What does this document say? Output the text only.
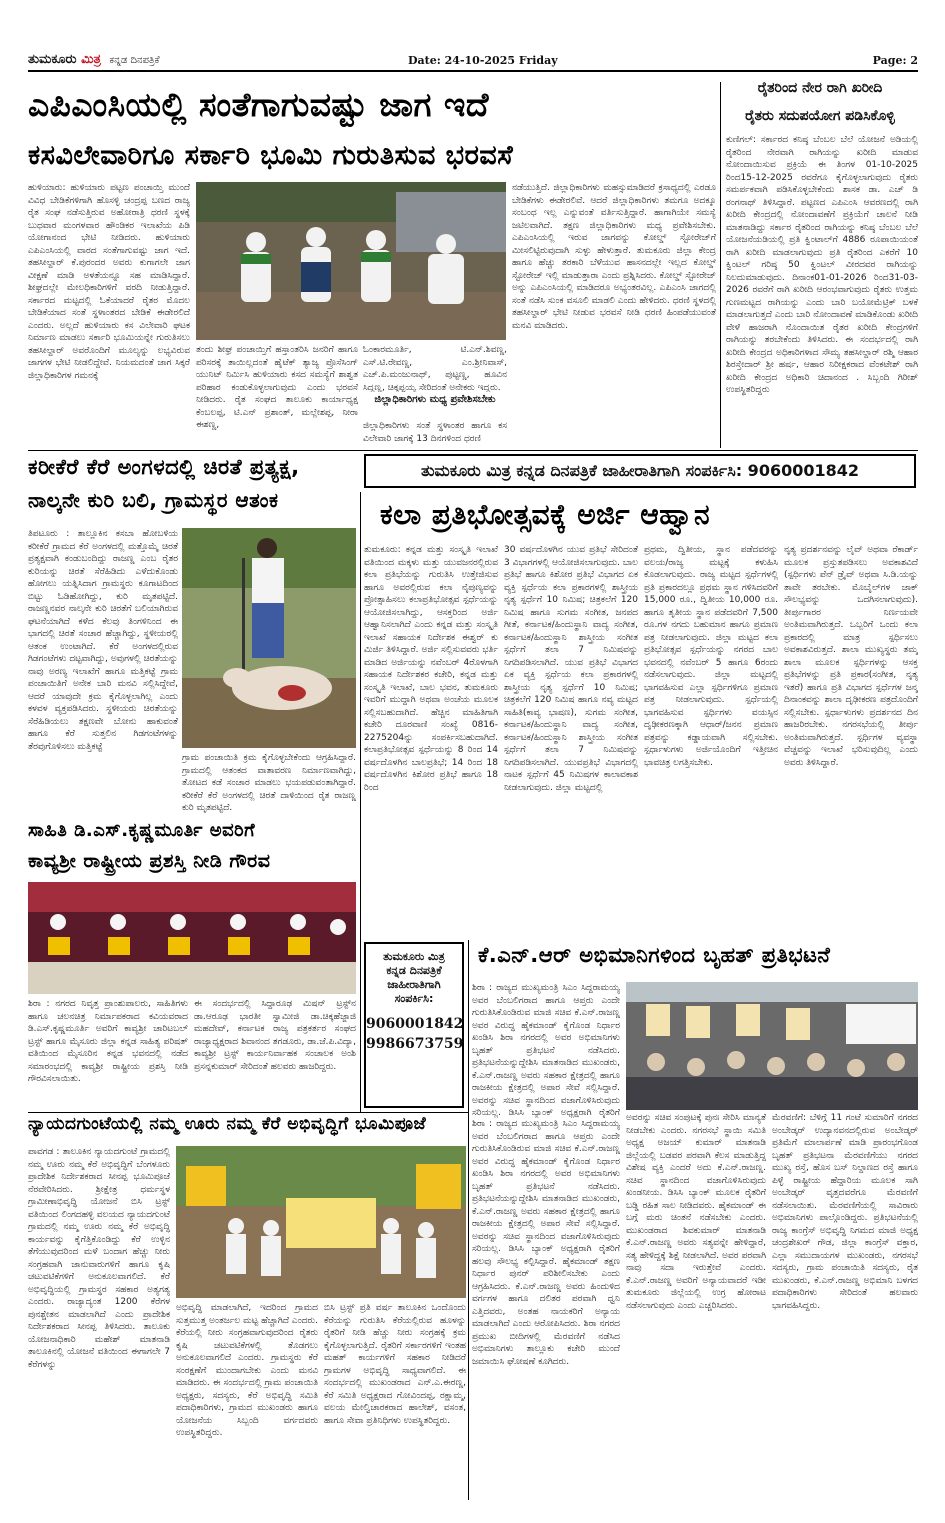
ತುಮಕೂರು ಮಿತ್ರ ಕನ್ನಡ ದಿನಪತ್ರಿಕೆ	Date: 24-10-2025 Friday	Page: 2
ಎಪಿಎಂಸಿಯಲ್ಲಿ ಸಂತೆಗಾಗುವಷ್ಟು ಜಾಗ ಇದೆ
ಕಸವಿಲೇವಾರಿಗೂ ಸರ್ಕಾರಿ ಭೂಮಿ ಗುರುತಿಸುವ ಭರವಸೆ
ಹುಳಿಯಾರು: ಹುಳಿಯಾರು ಪಟ್ಟಣ ಪಂಚಾಯ್ತಿ ಮುಂದೆ ವಿವಿಧ ಬೇಡಿಕೆಗಳಿಗಾಗಿ ಹೊಸಳ್ಳಿ ಚಂದ್ರಪ್ಪ ಬಣದ ರಾಜ್ಯ ರೈತ ಸಂಘ ನಡೆಸುತ್ತಿರುವ ಅಹೋರಾತ್ರಿ ಧರಣಿ ಸ್ಥಳಕ್ಕೆ ಬುಧವಾರ ಮಂಗಳವಾರ ಹೌಂಡಿಕರ ಇಲಾಖೆಯ ಪಿಡಿ ಯೋಗಾನಂದ ಭೇಟಿ ನೀಡಿದರು. ಹುಳಿಯಾರು ಎಪಿಎಂಸಿಯಲ್ಲಿ ವಾರದ ಸಂತೆಗಾಗುವಷ್ಟು ಜಾಗ ಇದೆ. ತಹಸೀಲ್ದಾರ್ ಕೆ.ಪುರಂದರ ಅವರು ಕುಗಾಗಲೇ ಜಾಗ ವೀಕ್ಷಣೆ ಮಾಡಿ ಅಳತೆಯನ್ನೂ ಸಹ ಮಾಡಿಸಿದ್ದಾರೆ. ಶೀಘ್ರದಲ್ಲೇ ಮೇಲಧಿಕಾರಿಗಳಿಗೆ ವರದಿ ನೀಡುತ್ತಿದ್ದಾರೆ. ಸರ್ಕಾರದ ಮಟ್ಟದಲ್ಲಿ ಓಕೆಯಾದರೆ ರೈತರ ಮೊದಲ ಬೇಡಿಕೆಯಾದ ಸಂತೆ ಸ್ಥಳಾಂತರದ ಬೇಡಿಕೆ ಈಡೇರಲಿದೆ ಎಂದರು. ಅಲ್ಲದೆ ಹುಳಿಯಾರು ಕಸ ವಿಲೇವಾರಿ ಘಟಕ ನಿರ್ಮಾಣ ಮಾಡಲು ಸರ್ಕಾರಿ ಭೂಮಿಯನ್ನೇ ಗುರುತಿಸಲು ತಹಸೀಲ್ದಾರ್ ಅವರೊಂದಿಗೆ ಮೂಲ್ಯನ್ನು ಲಭ್ಯವಿರುವ ಜಾಗಗಳ ಭೇಟಿ ನೀಡಲಿದ್ದೇವೆ. ನಿಯಮದಂತೆ ಜಾಗ ಸಿಕ್ಕರೆ ಜಿಲ್ಲಾಧಿಕಾರಿಗಳ ಗಮನಕ್ಕೆ
ತಂದು ಶೀಘ್ರ ಪಂಚಾಯ್ತಿಗೆ ಹಸ್ತಾಂತರಿಸಿ ಜನರಿಗೆ ಹಾಗೂ ಪರಿಸರಕ್ಕೆ ತಾಯಿಲ್ಲದಂತೆ ಹೈಟೆಕ್ ತ್ಯಾಜ್ಯ ಪ್ರೊಸೆಸಿಂಗ್ ಯುನಿಟ್ ನಿರ್ಮಿಸಿ ಹುಳಿಯಾರು ಕಸದ ಸಮಸ್ಯೆಗೆ ಶಾಶ್ವತ ಪರಿಹಾರ ಕಂಡುಕೊಳ್ಳಲಾಗುವುದು ಎಂದು ಭರವಸೆ ನೀಡಿದರು. ರೈತ ಸಂಘದ ತಾಲೂಕು ಕಾರ್ಯಾಧ್ಯಕ್ಷ ಕೆಂಬಲಪ್ಪ, ಟಿ.ಎನ್ ಪ್ರಶಾಂತ್, ಮಲ್ಲೇಶಪ್ಪ, ನೀರಾ ಈಶಣ್ಣ,
ಓಂಕಾರಮೂರ್ತಿ, ಟಿ.ಎನ್.ಶಿವಣ್ಣ, ಎಸ್.ಟಿ.ರೇವಣ್ಣ, ಎಂ.ಶ್ರೀನಿವಾಸ್, ಎಚ್.ಪಿ.ಮಂಜುನಾಥ್, ಪುಟ್ಟಣ್ಣ, ಹೂವಿನ ಸಿದ್ದಣ್ಣ, ಚಿಕ್ಕಪ್ಪಯ್ಯ ಸೇರಿದಂತೆ ಅನೇಕರು ಇದ್ದರು.
ಜಿಲ್ಲಾಧಿಕಾರಿಗಳು ಮಧ್ಯ ಪ್ರವೇಶಿಸಬೇಕು
ಜಿಲ್ಲಾಧಿಕಾರಿಗಳು ಸಂತೆ ಸ್ಥಳಾಂತರ ಹಾಗೂ ಕಸ ವಿಲೇವಾರಿ ಜಾಗಕ್ಕೆ 13 ದಿನಗಳಿಂದ ಧರಣಿ
ನಡೆಯುತ್ತಿದೆ. ಜಿಲ್ಲಾಧಿಕಾರಿಗಳು ಮಹಸ್ಸುಮಾಡಿದರೆ ಕ್ರಸಾಧ್ಯದಲ್ಲಿ ಎರಡೂ ಬೇಡಿಕೆಗಳು ಈಡೇರಲಿವೆ. ಆದರೆ ಜಿಲ್ಲಾಧಿಕಾರಿಗಳು ತಮಗೂ ಅದಕ್ಕೂ ಸಂಬಂಧ ಇಲ್ಲ ಎನ್ನುವಂತೆ ವರ್ತಿಸುತ್ತಿದ್ದಾರೆ. ಹಾಗಾಗಿಯೇ ಸಮಸ್ಯೆ ಜಟಿಲವಾಗಿದೆ. ತಕ್ಷಣ ಜಿಲ್ಲಾಧಿಕಾರಿಗಳು ಮಧ್ಯ ಪ್ರವೇಶಿಸಬೇಕು. ಎಪಿಎಂಸಿಯಲ್ಲಿ ಇರುವ ಜಾಗವನ್ನು ಕೋಲ್ಡ್ ಸ್ಟೋರೇಜ್‌ಗೆ ಮೀಸಲಿಟ್ಟಿರುವುದಾಗಿ ಸುಳ್ಳು ಹೇಳುತ್ತಾರೆ. ತುಮಕೂರು ಜಿಲ್ಲಾ ಕೇಂದ್ರ ಹಾಗೂ ಹೆಚ್ಚು ತರಕಾರಿ ಬೆಳೆಯುವ ಹಾಸನದಲ್ಲೇ ಇಲ್ಲದ ಕೋಲ್ಡ್ ಸ್ಟೋರೇಜ್ ಇಲ್ಲಿ ಮಾಡುತ್ತಾರಾ ಎಂದು ಪ್ರಶ್ನಿಸಿದರು. ಕೋಲ್ಡ್ ಸ್ಟೋರೇಜ್ ಅನ್ನು ಎಪಿಎಂಸಿಯಲ್ಲಿ ಮಾಡಿದರೂ ಅಭ್ಯಂತರವಿಲ್ಲ. ಎಪಿಎಂಸಿ ಜಾಗದಲ್ಲಿ ಸಂತೆ ನಡೆಸಿ ಸುಂಕ ವಸೂಲಿ ಮಾಡಲಿ ಎಂದು ಹೇಳಿದರು. ಧರಣಿ ಸ್ಥಳದಲ್ಲಿ ತಹಸೀಲ್ದಾರ್ ಭೇಟಿ ನೀಡುವ ಭರವಸೆ ನೀಡಿ ಧರಣಿ ಹಿಂಪಡೆಯುವಂತೆ ಮನವಿ ಮಾಡಿದರು.
ರೈತರಿಂದ ನೇರ ರಾಗಿ ಖರೀದಿ
ರೈತರು ಸದುಪಯೋಗ ಪಡಿಸಿಕೊಳ್ಳಿ
ಕುಣಿಗಲ್: ಸರ್ಕಾರದ ಕನಿಷ್ಠ ಬೆಂಬಲ ಬೆಲೆ ಯೋಜನೆ ಅಡಿಯಲ್ಲಿ ರೈತರಿಂದ ನೇರವಾಗಿ ರಾಗಿಯನ್ನು ಖರೀದಿ ಮಾಡುವ ನೋಂದಾಯಿಸುವ ಪ್ರಕ್ರಿಯೆ ಈ ತಿಂಗಳ 01-10-2025 ರಿಂದ15-12-2025 ರವರೆಗೂ ಕೈಗೊಳ್ಳಲಾಗುವುದು ರೈತರು ಸಮರ್ಪಕವಾಗಿ ಪಡಿಸಿಕೊಳ್ಳಬೇಕೆಂದು ಶಾಸಕ ಡಾ. ಎಚ್ ಡಿ ರಂಗನಾಥ್ ತಿಳಿಸಿದ್ದಾರೆ. ಪಟ್ಟಣದ ಎಪಿಎಂಸಿ ಆವರಣದಲ್ಲಿ ರಾಗಿ ಖರೀದಿ ಕೇಂದ್ರದಲ್ಲಿ ನೋಂದಾವಣೆಗೆ ಪ್ರಕ್ರಿಯೆಗೆ ಚಾಲನೆ ನೀಡಿ ಮಾತನಾಡಿದ್ದು ಸರ್ಕಾರ ರೈತರಿಂದ ರಾಗಿಯನ್ನು ಕನಿಷ್ಠ ಬೆಂಬಲ ಬೆಲೆ ಯೋಜನೆಯಡಿಯಲ್ಲಿ ಪ್ರತಿ ಕ್ವಿಂಟಾಲ್‌ಗೆ 4886 ರೂಪಾಯಿಯಂತೆ ರಾಗಿ ಖರೀದಿ ಮಾಡಲಾಗುವುದು ಪ್ರತಿ ರೈತರಿಂದ ಎಕರೆಗೆ 10 ಕ್ವಿಂಟಲ್ ಗರಿಷ್ಠ 50 ಕ್ವಿಂಟಲ್ ವೀರದವರ ರಾಗಿಯನ್ನು ನಿಲದುಮಾಡುವುದು. ದಿನಾಂಕ01-01-2026 ರಿಂದ31-03-2026 ರವರೆಗೆ ರಾಗಿ ಖರೀದಿ ಆರಂಭವಾಗುವುದು ರೈತರು ಉತ್ತಮ ಗುಣಮಟ್ಟದ ರಾಗಿಯನ್ನು ಎಂದು ಬಾರಿ ಬಯೋಮೆಟ್ರಿಕ್ ಬಳಕೆ ಮಾಡಲಾಗುತ್ತದೆ ಎಂದು ಬಾರಿ ನೋಂದಾವಣೆ ಮಾಡಿಕೊಂಡು ಖರೀದಿ ವೇಳೆ ಹಾಜರಾಗಿ ನೊಂದಾಯಿತ ರೈತರ ಖರೀದಿ ಕೇಂದ್ರಗಳಿಗೆ ರಾಗಿಯನ್ನು ತರಬೇಕೆಂದು ತಿಳಿಸಿದರು. ಈ ಸಂದರ್ಭದಲ್ಲಿ ರಾಗಿ ಖರೀದಿ ಕೇಂದ್ರದ ಅಧಿಕಾರಿಗಳಾದ ಸೌಮ್ಯ ತಹಸೀಲ್ದಾರ್ ರಶ್ಮಿ ಆಹಾರ ಶಿರಸ್ತೇದಾರ್ ಶ್ರೀ ಹರ್ಷ, ಆಹಾರ ನಿರೀಕ್ಷಕರಾದ ವೆಂಕಟೇಶ್ ರಾಗಿ ಖರೀದಿ ಕೇಂದ್ರದ ಅಧಿಕಾರಿ ಚಿದಾನಂದ . ಸಿಬ್ಬಂದಿ ಗಿರೀಶ್ ಉಪಸ್ಥಿತರಿದ್ದರು
ತುಮಕೂರು ಮಿತ್ರ ಕನ್ನಡ ದಿನಪತ್ರಿಕೆ ಜಾಹೀರಾತಿಗಾಗಿ ಸಂಪರ್ಕಿಸಿ: 9060001842
ಕರೀಕೆರೆ ಕೆರೆ ಅಂಗಳದಲ್ಲಿ ಚಿರತೆ ಪ್ರತ್ಯಕ್ಷ,
ನಾಲ್ಕನೇ ಕುರಿ ಬಲಿ, ಗ್ರಾಮಸ್ಥರ ಆತಂಕ
ತಿಪಟೂರು : ತಾಲ್ಲೂಕಿನ ಕಸಬಾ ಹೋಬಳಿಯ ಕರೀಕೆರೆ ಗ್ರಾಮದ ಕೆರೆ ಅಂಗಳದಲ್ಲಿ ಮತ್ತೊಮ್ಮೆ ಚಿರತೆ ಪ್ರತ್ಯಕ್ಷವಾಗಿ ಕಂಡುಬಂದಿದ್ದು ರಾಜಣ್ಣ ಎಂಬ ರೈತರ ಕುರಿಯನ್ನು ಚಿರತೆ ಸೆರೆಹಿಡಿದು ಎಳೆದುಕೊಂಡು ಹೋಗಲು ಯತ್ನಿಸಿದಾಗ ಗ್ರಾಮಸ್ಥರು ಕೂಗಾಟದಿಂದ ಬಿಟ್ಟು ಓಡಿಹೋಗಿದ್ದು, ಕುರಿ ಮೃತಪಟ್ಟಿದೆ. ರಾಜಣ್ಣನವರ ನಾಲ್ಕನೇ ಕುರಿ ಚಿರತೆಗೆ ಬಲಿಯಾಗಿರುವ ಘಟನೆಯಾಗಿದೆ ಕಳೆದ ಕೆಲವು ತಿಂಗಳಿನಿಂದ ಈ ಭಾಗದಲ್ಲಿ ಚಿರತೆ ಸಂಚಾರ ಹೆಚ್ಚಾಗಿದ್ದು, ಸ್ಥಳೀಯರಲ್ಲಿ ಆತಂಕ ಉಂಟಾಗಿದೆ. ಕೆರೆ ಅಂಗಳದಲ್ಲಿರುವ ಗಿಡಗಂಟೆಗಳು ದಟ್ಟವಾಗಿದ್ದು, ಅವುಗಳಲ್ಲಿ ಚಿರತೆಯನ್ನು ನಾವು ಅರಣ್ಯ ಇಲಾಖೆಗೆ ಹಾಗೂ ಮತ್ತಿಕಟ್ಟೆ ಗ್ರಾಮ ಪಂಚಾಯಿತಿಗೆ ಅನೇಕ ಬಾರಿ ಮನವಿ ಸಲ್ಲಿಸಿದ್ದೇವೆ, ಆದರೆ ಯಾವುದೇ ಕ್ರಮ ಕೈಗೊಳ್ಳಲಾಗಿಲ್ಲ ಎಂದು ಕಳವಳ ವ್ಯಕ್ತಪಡಿಸಿದರು. ಸ್ಥಳೀಯರು ಚಿರತೆಯನ್ನು ಸೆರೆಹಿಡಿಯಲು ತಕ್ಷಣವೇ ಬೋನು ಹಾಕುವಂತೆ ಹಾಗೂ ಕೆರೆ ಸುತ್ತಲಿನ ಗಿಡಗಂಟೆಗಳನ್ನು ತೆರವುಗೊಳಿಸಲು ಮತ್ತಿಕಟ್ಟೆ
ಗ್ರಾಮ ಪಂಚಾಯಿತಿ ಕ್ರಮ ಕೈಗೊಳ್ಳಬೇಕೆಂದು ಆಗ್ರಹಿಸಿದ್ದಾರೆ. ಗ್ರಾಮದಲ್ಲಿ ಆತಂಕದ ವಾತಾವರಣ ನಿರ್ಮಾಣವಾಗಿದ್ದು, ತೋಟದ ಕಡೆ ಸಂಚಾರ ಮಾಡಲು ಭಯಪಡುವಂತಾಗಿದ್ದಾರೆ. ಕರೀಕೆರೆ ಕೆರೆ ಅಂಗಳದಲ್ಲಿ ಚಿರತೆ ದಾಳಿಯಿಂದ ರೈತ ರಾಜಣ್ಣ ಕುರಿ ಮೃತಪಟ್ಟಿದೆ.
ಸಾಹಿತಿ ಡಿ.ಎಸ್.ಕೃಷ್ಣಮೂರ್ತಿ ಅವರಿಗೆ
ಕಾವ್ಯಶ್ರೀ ರಾಷ್ಟ್ರೀಯ ಪ್ರಶಸ್ತಿ ನೀಡಿ ಗೌರವ
ಶಿರಾ : ನಗರದ ನಿವೃತ್ತ ಪ್ರಾಂಶುಪಾಲರು, ಸಾಹಿತಿಗಳು ಹಾಗೂ ಚಲನಚಿತ್ರ ನಿರ್ಮಾಪಕರಾದ ಕವಿಯವರಾದ ಡಿ.ಎಸ್.ಕೃಷ್ಣಮೂರ್ತಿ ಅವರಿಗೆ ಕಾವ್ಯಶ್ರೀ ಚಾರಿಟಬಲ್ ಟ್ರಸ್ಟ್ ಹಾಗೂ ಮೈಸೂರು ಜಿಲ್ಲಾ ಕನ್ನಡ ಸಾಹಿತ್ಯ ಪರಿಷತ್ ವತಿಯಿಂದ ಮೈಸೂರಿನ ಕನ್ನಡ ಭವನದಲ್ಲಿ ನಡೆದ ಸಮಾರಂಭದಲ್ಲಿ ಕಾವ್ಯಶ್ರೀ ರಾಷ್ಟ್ರೀಯ ಪ್ರಶಸ್ತಿ ನೀಡಿ ಗೌರವಿಸಲಾಯಿತು.
ಈ ಸಂದರ್ಭದಲ್ಲಿ ಸಿದ್ದಾರೂಢ ಮಿಷನ್ ಟ್ರಸ್ಟ್‌ನ ಡಾ.ಆರೂಢ ಭಾರತೀ ಸ್ವಾಮೀಜಿ ಡಾ.ಚಿಕ್ಕಹೆಜ್ಜಾಜಿ ಮಹದೇವ್, ಕರ್ನಾಟಕ ರಾಜ್ಯ ಪತ್ರಕರ್ತರ ಸಂಘದ ರಾಜ್ಯಾಧ್ಯಕ್ಷರಾದ ಶಿವಾನಂದ ತಗಡೂರು, ಡಾ.ಜೆ.ಪಿ.ವಿದ್ಯಾ, ಕಾವ್ಯಶ್ರೀ ಟ್ರಸ್ಟ್ ಕಾರ್ಯನಿರ್ವಾಹಕ ಸಂಚಾಲಕ ಅಂಶಿ ಪ್ರಸನ್ನಕುಮಾರ್ ಸೇರಿದಂತೆ ಹಲವರು ಹಾಜರಿದ್ದರು.
ಕಲಾ ಪ್ರತಿಭೋತ್ಸವಕ್ಕೆ ಅರ್ಜಿ ಆಹ್ವಾನ
ತುಮಕೂರು: ಕನ್ನಡ ಮತ್ತು ಸಂಸ್ಕೃತಿ ಇಲಾಖೆ ವತಿಯಿಂದ ಮಕ್ಕಳು ಮತ್ತು ಯುವಜನರಲ್ಲಿರುವ ಕಲಾ ಪ್ರತಿಭೆಯನ್ನು ಗುರುತಿಸಿ ಉತ್ತೇಜಿಸುವ ಹಾಗೂ ಅವರಲ್ಲಿರುವ ಕಲಾ ನೈಪುಣ್ಯವನ್ನು ಪ್ರೋತ್ಸಾಹಿಸಲು ಕಲಾಪ್ರತಿಭೋತ್ಸವ ಸ್ಪರ್ಧೆಯನ್ನು ಆಯೋಜಿಸಲಾಗಿದ್ದು, ಆಸಕ್ತರಿಂದ ಅರ್ಜಿ ಆಹ್ವಾನಿಸಲಾಗಿದೆ ಎಂದು ಕನ್ನಡ ಮತ್ತು ಸಂಸ್ಕೃತಿ ಇಲಾಖೆ ಸಹಾಯಕ ನಿರ್ದೇಶಕ ಈಶ್ವರ್ ಕು ಮಿರ್ಜಿ ತಿಳಿಸಿದ್ದಾರೆ. ಅರ್ಜಿ ಸಲ್ಲಿಸುವವರು ಭರ್ತಿ ಮಾಡಿದ ಅರ್ಜಿಯನ್ನು ನವೆಂಬರ್ 4ರೊಳಗಾಗಿ ಸಹಾಯಕ ನಿರ್ದೇಶಕರ ಕಚೇರಿ, ಕನ್ನಡ ಮತ್ತು ಸಂಸ್ಕೃತಿ ಇಲಾಖೆ, ಬಾಲ ಭವನ, ತುಮಕೂರು ಇವರಿಗೆ ಮುದ್ದಾಗಿ ಅಥವಾ ಅಂಚೆಯ ಮೂಲಕ ಸಲ್ಲಿಸಬಹುದಾಗಿದೆ. ಹೆಚ್ಚಿನ ಮಾಹಿತಿಗಾಗಿ ಕಚೇರಿ ದೂರವಾಣಿ ಸಂಖ್ಯೆ 0816-2275204ನ್ನು ಸಂಪರ್ಕಿಸಬಹುದಾಗಿದೆ. ಕಲಾಪ್ರತಿಭೋತ್ಸವ ಸ್ಪರ್ಧೆಯನ್ನು 8 ರಿಂದ 14 ವರ್ಷದೊಳಗಿನ ಬಾಲಪ್ರತಿಭೆ; 14 ರಿಂದ 18 ವರ್ಷದೊಳಗಿನ ಕಿಶೋರ ಪ್ರತಿಭೆ ಹಾಗೂ 18 ರಿಂದ
30 ವರ್ಷದೊಳಗಿನ ಯುವ ಪ್ರತಿಭೆ ಸೇರಿದಂತೆ 3 ವಿಭಾಗಗಳಲ್ಲಿ ಆಯೋಜಿಸಲಾಗುವುದು. ಬಾಲ ಪ್ರತಿಭೆ ಹಾಗೂ ಕಿಶೋರ ಪ್ರತಿಭೆ ವಿಭಾಗದ ಏಕ ವ್ಯಕ್ತಿ ಸ್ಪರ್ಧೆಯ ಕಲಾ ಪ್ರಕಾರಗಳಲ್ಲಿ ಶಾಸ್ತ್ರೀಯ ನೃತ್ಯ ಸ್ಪರ್ಧೆಗೆ 10 ನಿಮಿಷ; ಚಿತ್ರಕಲೆಗೆ 120 ನಿಮಿಷ ಹಾಗೂ ಸುಗಮ ಸಂಗೀತ, ಜನಪದ ಗೀತೆ, ಕರ್ನಾಟಕ/ಹಿಂದುಸ್ಥಾನಿ ವಾದ್ಯ ಸಂಗೀತ, ಕರ್ನಾಟಕ/ಹಿಂದುಸ್ಥಾನಿ ಶಾಸ್ತ್ರೀಯ ಸಂಗೀತ ಸ್ಪರ್ಧೆಗೆ ತಲಾ 7 ನಿಮಿಷವನ್ನು ನಿಗದಿಪಡಿಸಲಾಗಿದೆ. ಯುವ ಪ್ರತಿಭೆ ವಿಭಾಗದ ಏಕ ವ್ಯಕ್ತಿ ಸ್ಪರ್ಧೆಯ ಕಲಾ ಪ್ರಕಾರಗಳಲ್ಲಿ ಶಾಸ್ತ್ರೀಯ ನೃತ್ಯ ಸ್ಪರ್ಧೆಗೆ 10 ನಿಮಿಷ; ಚಿತ್ರಕಲೆಗೆ 120 ನಿಮಿಷ ಹಾಗೂ ನವ್ಯ ಮಟ್ಟದ ಸಾಹಿತಿ(ಕಾವ್ಯ ಭಾಷಣ), ಸುಗಮ ಸಂಗೀತ, ಕರ್ನಾಟಕ/ಹಿಂದುಸ್ಥಾನಿ ವಾದ್ಯ ಸಂಗೀತ, ಕರ್ನಾಟಕ/ಹಿಂದುಸ್ಥಾನಿ ಶಾಸ್ತ್ರೀಯ ಸಂಗೀತ ಸ್ಪರ್ಧೆಗೆ ತಲಾ 7 ನಿಮಿಷವನ್ನು ನಿಗದಿಪಡಿಸಲಾಗಿದೆ. ಯುವಪ್ರತಿಭೆ ವಿಭಾಗದಲ್ಲಿ ನಾಟಕ ಸ್ಪರ್ಧೆಗೆ 45 ನಿಮಿಷಗಳ ಕಾಲಾವಕಾಶ ನೀಡಲಾಗುವುದು. ಜಿಲ್ಲಾ ಮಟ್ಟದಲ್ಲಿ
ಪ್ರಥಮ, ದ್ವಿತೀಯ, ಸ್ಥಾನ ಪಡೆದವರನ್ನು ವಲಯ/ರಾಜ್ಯ ಮಟ್ಟಕ್ಕೆ ಕಳುಹಿಸಿ ಕೊಡಲಾಗುವುದು. ರಾಜ್ಯ ಮಟ್ಟದ ಸ್ಪರ್ಧೆಗಳಲ್ಲಿ ಪ್ರತಿ ಪ್ರಕಾರದಲ್ಲೂ ಪ್ರಥಮ ಸ್ಥಾನ ಗಳಿಸಿದವರಿಗೆ 15,000 ರೂ., ದ್ವಿತೀಯ 10,000 ರೂ. ಹಾಗೂ ತೃತೀಯ ಸ್ಥಾನ ಪಡೆದವರಿಗೆ 7,500 ರೂ.ಗಳ ನಗದು ಬಹುಮಾನ ಹಾಗೂ ಪ್ರಮಾಣ ಪತ್ರ ನೀಡಲಾಗುವುದು. ಜಿಲ್ಲಾ ಮಟ್ಟದ ಕಲಾ ಪ್ರತಿಭೋತ್ಸವ ಸ್ಪರ್ಧೆಯನ್ನು ನಗರದ ಬಾಲ ಭವನದಲ್ಲಿ ನವೆಂಬರ್ 5 ಹಾಗೂ 6ರಂದು ನಡೆಸಲಾಗುವುದು. ಜಿಲ್ಲಾ ಮಟ್ಟದಲ್ಲಿ ಭಾಗವಹಿಸುವ ಎಲ್ಲಾ ಸ್ಪರ್ಧಿಗಳಿಗೂ ಪ್ರಮಾಣ ಪತ್ರ ನೀಡಲಾಗುವುದು. ಸ್ಪರ್ಧೆಯಲ್ಲಿ ಭಾಗವಹಿಸುವ ಸ್ಪರ್ಧಿಗಳು ವಯಸ್ಸಿನ ದೃಢೀಕರಣಕ್ಕಾಗಿ ಆಧಾರ್/ಜನನ ಪ್ರಮಾಣ ಪತ್ರವನ್ನು ಕಡ್ಡಾಯವಾಗಿ ಸಲ್ಲಿಸಬೇಕು. ಸ್ಪರ್ಧಾಳುಗಳು ಅರ್ಜಿಯೊಂದಿಗೆ ಇತ್ತೀಚಿನ ಭಾವಚಿತ್ರ ಲಗತ್ತಿಸಬೇಕು.
ನೃತ್ಯ ಪ್ರದರ್ಶನವನ್ನು ಲೈವ್ ಅಥವಾ ರೆಕಾರ್ಡ್ ಮೂಲಕ ಪ್ರಸ್ತುತಪಡಿಸಲು ಅವಕಾಶವಿದೆ (ಸ್ಪರ್ಧಿಗಳು ಪೆನ್ ಡ್ರೈವ್ ಅಥವಾ ಸಿ.ಡಿ.ಯನ್ನು ತಾವೇ ತರಬೇಕು. ಮೊಬೈಲ್‌ಗಳ ಜಾಕ್ ಸೌಲಭ್ಯವನ್ನು ಒದಗಿಸಲಾಗುವುದು). ತೀರ್ಪುಗಾರರ ನಿರ್ಣಯವೇ ಅಂತಿಮವಾಗಿರುತ್ತದೆ. ಒಬ್ಬರಿಗೆ ಒಂದು ಕಲಾ ಪ್ರಕಾರದಲ್ಲಿ ಮಾತ್ರ ಸ್ಪರ್ಧಿಸಲು ಅವಕಾಶವಿರುತ್ತದೆ. ಶಾಲಾ ಮುಖ್ಯಸ್ಥರು ತಮ್ಮ ಶಾಲಾ ಮೂಲಕ ಸ್ಪರ್ಧಿಗಳನ್ನು ಆಸಕ್ತ ಪ್ರತಿಭೆಗಳನ್ನು ಪ್ರತಿ ಪ್ರಕಾರ(ಸಂಗೀತ, ನೃತ್ಯ ಇತರೆ) ಹಾಗೂ ಪ್ರತಿ ವಿಭಾಗದ ಸ್ಪರ್ಧೆಗಳ ಜನ್ಮ ದಿನಾಂಕವನ್ನು ಶಾಲಾ ದೃಢೀಕರಣ ಪತ್ರದೊಂದಿಗೆ ಸಲ್ಲಿಸಬೇಕು. ಸ್ಪರ್ಧಾಳುಗಳು ಪ್ರದರ್ಶನದ ದಿನ ಹಾಜರಿರಬೇಕು. ನಗರಸಭೆಯಲ್ಲಿ ತೀರ್ಪು ಅಂತಿಮವಾಗಿರುತ್ತದೆ. ಸ್ಪರ್ಧಿಗಳ ವ್ಯವಸ್ಥಾ ವೆಚ್ಚವನ್ನು ಇಲಾಖೆ ಭರಿಸುವುದಿಲ್ಲ ಎಂದು ಅವರು ತಿಳಿಸಿದ್ದಾರೆ.
ತುಮಕೂರು ಮಿತ್ರ
ಕನ್ನಡ ದಿನಪತ್ರಿಕೆ
ಜಾಹೀರಾತಿಗಾಗಿ
ಸಂಪರ್ಕಿಸಿ:
9060001842
9986673759
ಕೆ.ಎನ್.ಆರ್ ಅಭಿಮಾನಿಗಳಿಂದ ಬೃಹತ್ ಪ್ರತಿಭಟನೆ
ಶಿರಾ : ರಾಜ್ಯದ ಮುಖ್ಯಮಂತ್ರಿ ಸಿಎಂ ಸಿದ್ದರಾಮಯ್ಯ ಅವರ ಬೆಂಬಲಿಗರಾದ ಹಾಗೂ ಆಪ್ತರು ಎಂದೇ ಗುರುತಿಸಿಕೊಂಡಿರುವ ಮಾಜಿ ಸಚಿವ ಕೆ.ಎನ್.ರಾಜಣ್ಣ ಅವರ ವಿರುದ್ಧ ಹೈಕಮಾಂಡ್ ಕೈಗೊಂಡ ನಿರ್ಧಾರ ಖಂಡಿಸಿ ಶಿರಾ ನಗರದಲ್ಲಿ ಅವರ ಅಭಿಮಾನಿಗಳು ಬೃಹತ್ ಪ್ರತಿಭಟನೆ ನಡೆಸಿದರು. ಪ್ರತಿಭಟನೆಯನ್ನುದ್ದೇಶಿಸಿ ಮಾತನಾಡಿದ ಮುಖಂಡರು, ಕೆ.ಎನ್.ರಾಜಣ್ಣ ಅವರು ಸಹಕಾರ ಕ್ಷೇತ್ರದಲ್ಲಿ ಹಾಗೂ ರಾಜಕೀಯ ಕ್ಷೇತ್ರದಲ್ಲಿ ಅಪಾರ ಸೇವೆ ಸಲ್ಲಿಸಿದ್ದಾರೆ. ಅವರನ್ನು ಸಚಿವ ಸ್ಥಾನದಿಂದ ವಜಾಗೊಳಿಸಿರುವುದು ಸರಿಯಲ್ಲ. ಡಿಸಿಸಿ ಬ್ಯಾಂಕ್ ಅಧ್ಯಕ್ಷರಾಗಿ ರೈತರಿಗೆ ಅವರನ್ನು ಸಚಿವ ಸಂಪುಟಕ್ಕೆ ಪುನಃ ಸೇರಿಸಿ ಮಾನ್ಯತೆ ನೀಡಬೇಕು ಎಂದರು. ನಗರಸಭೆ ಸ್ಥಾಯಿ ಸಮಿತಿ ಅಧ್ಯಕ್ಷ ಅಜಯ್ ಕುಮಾರ್ ಮಾತನಾಡಿ ಜಿಲ್ಲೆಯಲ್ಲಿ ಬಡವರ ಪರವಾಗಿ ಕೆಲಸ ಮಾಡುತ್ತಿದ್ದ ವಿಶೇಷ ವ್ಯಕ್ತಿ ಎಂದರೆ ಅದು ಕೆ.ಎನ್.ರಾಜಣ್ಣ. ಸಚಿವ ಸ್ಥಾನದಿಂದ ವಜಾಗೊಳಿಸಿರುವುದು ಖಂಡನೀಯ. ಡಿಸಿಸಿ ಬ್ಯಾಂಕ್ ಮೂಲಕ ರೈತರಿಗೆ ಬಡ್ಡಿ ರಹಿತ ಸಾಲ ನೀಡಿದವರು. ಹೈಕಮಾಂಡ್ ಈ ಬಗ್ಗೆ ಮರು ಚಿಂತನೆ ನಡೆಸಬೇಕು ಎಂದರು. ಮುಖಂಡರಾದ ಶಿವಕುಮಾರ್ ಮಾತನಾಡಿ ಕೆ.ಎನ್.ರಾಜಣ್ಣ ಅವರು ಸತ್ಯವನ್ನೇ ಹೇಳಿದ್ದಾರೆ, ಸತ್ಯ ಹೇಳಿದ್ದಕ್ಕೆ ಶಿಕ್ಷೆ ನೀಡಲಾಗಿದೆ. ಅವರ ಪರವಾಗಿ ನಾವು ಸದಾ ಇರುತ್ತೇವೆ ಎಂದರು. ಕೆ.ಎನ್.ರಾಜಣ್ಣ ಅವರಿಗೆ ಅನ್ಯಾಯವಾದರೆ ಇಡೀ ತುಮಕೂರು ಜಿಲ್ಲೆಯಲ್ಲಿ ಉಗ್ರ ಹೋರಾಟ ನಡೆಸಲಾಗುವುದು ಎಂದು ಎಚ್ಚರಿಸಿದರು.
ಮೆರವಣಿಗೆ: ಬೆಳಿಗ್ಗೆ 11 ಗಂಟೆ ಸುಮಾರಿಗೆ ನಗರದ ಅಂಬೇಡ್ಕರ್ ಉದ್ಯಾನವನದಲ್ಲಿರುವ ಅಂಬೇಡ್ಕರ್ ಪ್ರತಿಮೆಗೆ ಮಾಲಾರ್ಪಣೆ ಮಾಡಿ ಪ್ರಾರಂಭಗೊಂಡ ಬೃಹತ್ ಪ್ರತಿಭಟನಾ ಮೆರವಣಿಗೆಯು ನಗರದ ಮುಖ್ಯ ರಸ್ತೆ, ಹೊಸ ಬಸ್ ನಿಲ್ದಾಣದ ರಸ್ತೆ ಹಾಗೂ ಪಿಳ್ಳೆ ರಾಷ್ಟ್ರೀಯ ಹೆದ್ದಾರಿಯ ಮೂಲಕ ಸಾಗಿ ಅಂಬೇಡ್ಕರ್ ವೃತ್ತದವರೆಗೂ ಮೆರವಣಿಗೆ ನಡೆಸಲಾಯಿತು. ಮೆರವಣಿಗೆಯಲ್ಲಿ ಸಾವಿರಾರು ಅಭಿಮಾನಿಗಳು ಪಾಲ್ಗೊಂಡಿದ್ದರು. ಪ್ರತಿಭಟನೆಯಲ್ಲಿ ರಾಜ್ಯ ಕಾಂಗ್ರೆಸ್ ಅಭಿವೃದ್ಧಿ ನಿಗಮದ ಮಾಜಿ ಅಧ್ಯಕ್ಷ ಚಂದ್ರಶೇಖರ್ ಗೌಡ, ಜಿಲ್ಲಾ ಕಾಂಗ್ರೆಸ್ ವಕ್ತಾರ, ಎಲ್ಲಾ ಸಮುದಾಯಗಳ ಮುಖಂಡರು, ನಗರಸಭೆ ಸದಸ್ಯರು, ಗ್ರಾಮ ಪಂಚಾಯಿತಿ ಸದಸ್ಯರು, ರೈತ ಮುಖಂಡರು, ಕೆ.ಎನ್.ರಾಜಣ್ಣ ಅಭಿಮಾನಿ ಬಳಗದ ಪದಾಧಿಕಾರಿಗಳು ಸೇರಿದಂತೆ ಹಲವಾರು ಭಾಗವಹಿಸಿದ್ದರು.
ನ್ಯಾಯದಗುಂಟೆಯಲ್ಲಿ ನಮ್ಮ ಊರು ನಮ್ಮ ಕೆರೆ ಅಭಿವೃದ್ಧಿಗೆ ಭೂಮಿಪೂಜೆ
ಪಾವಗಡ : ತಾಲೂಕಿನ ನ್ಯಾಯದಗುಂಟೆ ಗ್ರಾಮದಲ್ಲಿ ನಮ್ಮ ಊರು ನಮ್ಮ ಕೆರೆ ಅಭಿವೃದ್ಧಿಗೆ ಬೆಂಗಳೂರು ಪ್ರಾದೇಶಿಕ ನಿರ್ದೇಶಕರಾದ ಸೀನಪ್ಪ ಭೂಮಿಪೂಜೆ ನೆರವೇರಿಸಿದರು. ಶ್ರೀಕ್ಷೇತ್ರ ಧರ್ಮಸ್ಥಳ ಗ್ರಾಮೀಣಾಭಿವೃದ್ಧಿ ಯೋಜನೆ ಬಿಸಿ ಟ್ರಸ್ಟ್ ವತಿಯಿಂದ ಲಿಂಗದಹಳ್ಳಿ ವಲಯದ ನ್ಯಾಯದಗುಂಟೆ ಗ್ರಾಮದಲ್ಲಿ ನಮ್ಮ ಊರು ನಮ್ಮ ಕೆರೆ ಅಭಿವೃದ್ಧಿ ಕಾರ್ಯವನ್ನು ಕೈಗೆತ್ತಿಕೊಂಡಿದ್ದು ಕೆರೆ ಉಳ್ಳಿನ ತೆಗೆಯುವುದರಿಂದ ಮಳೆ ಬಂದಾಗ ಹೆಚ್ಚು ನೀರು ಸಂಗ್ರಹವಾಗಿ ಜಾನುವಾರುಗಳಿಗೆ ಹಾಗೂ ಕೃಷಿ ಚಟುವಟಿಕೆಗಳಿಗೆ ಅನುಕೂಲವಾಗಲಿದೆ. ಕೆರೆ ಅಭಿವೃದ್ಧಿಯಲ್ಲಿ ಗ್ರಾಮಸ್ಥರ ಸಹಕಾರ ಅತ್ಯಗತ್ಯ ಎಂದರು. ರಾಜ್ಯಾದ್ಯಂತ 1200 ಕೆರೆಗಳ ಪುನಶ್ಚೇತನ ಮಾಡಲಾಗಿದೆ ಎಂದು ಪ್ರಾದೇಶಿಕ ನಿರ್ದೇಶಕರಾದ ಸೀನಪ್ಪ ತಿಳಿಸಿದರು. ತಾಲೂಕು ಯೋಜನಾಧಿಕಾರಿ ಮಹೇಶ್ ಮಾತನಾಡಿ ತಾಲೂಕಿನಲ್ಲಿ ಯೋಜನೆ ವತಿಯಿಂದ ಈಗಾಗಲೇ 7 ಕೆರೆಗಳನ್ನು
ಅಭಿವೃದ್ಧಿ ಮಾಡಲಾಗಿದೆ, ಇದರಿಂದ ಗ್ರಾಮದ ಸುತ್ತಮುತ್ತ ಅಂತರ್ಜಲ ಮಟ್ಟ ಹೆಚ್ಚಾಗಿದೆ ಎಂದರು. ಕೆರೆಯಲ್ಲಿ ನೀರು ಸಂಗ್ರಹವಾಗುವುದರಿಂದ ರೈತರು ಕೃಷಿ ಚಟುವಟಿಕೆಗಳಲ್ಲಿ ತೊಡಗಲು ಅನುಕೂಲವಾಗಲಿದೆ ಎಂದರು. ಗ್ರಾಮಸ್ಥರು ಕೆರೆ ಸಂರಕ್ಷಣೆಗೆ ಮುಂದಾಗಬೇಕು ಎಂದು ಮನವಿ ಮಾಡಿದರು. ಈ ಸಂದರ್ಭದಲ್ಲಿ ಗ್ರಾಮ ಪಂಚಾಯಿತಿ ಅಧ್ಯಕ್ಷರು, ಸದಸ್ಯರು, ಕೆರೆ ಅಭಿವೃದ್ಧಿ ಸಮಿತಿ ಪದಾಧಿಕಾರಿಗಳು, ಗ್ರಾಮದ ಮುಖಂಡರು ಹಾಗೂ ಯೋಜನೆಯ ಸಿಬ್ಬಂದಿ ವರ್ಗದವರು ಉಪಸ್ಥಿತರಿದ್ದರು.
ಬಿಸಿ ಟ್ರಸ್ಟ್ ಪ್ರತಿ ವರ್ಷ ತಾಲೂಕಿನ ಒಂದೊಂದು ಕೆರೆಯನ್ನು ಗುರುತಿಸಿ ಕೆರೆಯಲ್ಲಿರುವ ಹೂಳನ್ನು ರೈತರಿಗೆ ನೀಡಿ ಹೆಚ್ಚು ನೀರು ಸಂಗ್ರಹಕ್ಕೆ ಕ್ರಮ ಕೈಗೊಳ್ಳಲಾಗುತ್ತಿದೆ. ರೈತರಿಗೆ ಸರ್ಕಾರಗಳಿಗೆ ಇಂತಹ ಮಹತ್ ಕಾರ್ಯಗಳಿಗೆ ಸಹಕಾರ ನೀಡಿದರೆ ಗ್ರಾಮಗಳ ಅಭಿವೃದ್ಧಿ ಸಾಧ್ಯವಾಗಲಿದೆ. ಈ ಸಂದರ್ಭದಲ್ಲಿ ಮುಖಂಡರಾದ ಎನ್.ಎ.ಈರಣ್ಣ, ಕೆರೆ ಸಮಿತಿ ಅಧ್ಯಕ್ಷರಾದ ಗೋವಿಂದಪ್ಪ, ರಕ್ಷಾಮ್ಮ, ವಲಯ ಮೇಲ್ವಿಚಾರಕರಾದ ಹಾಲೇಶ್, ವಸಂತ, ಹಾಗೂ ಸೇವಾ ಪ್ರತಿನಿಧಿಗಳು ಉಪಸ್ಥಿತರಿದ್ದರು.
ಶಿರಾ : ರಾಜ್ಯದ ಮುಖ್ಯಮಂತ್ರಿ ಸಿಎಂ ಸಿದ್ದರಾಮಯ್ಯ ಅವರ ಬೆಂಬಲಿಗರಾದ ಹಾಗೂ ಆಪ್ತರು ಎಂದೇ ಗುರುತಿಸಿಕೊಂಡಿರುವ ಮಾಜಿ ಸಚಿವ ಕೆ.ಎನ್.ರಾಜಣ್ಣ ಅವರ ವಿರುದ್ಧ ಹೈಕಮಾಂಡ್ ಕೈಗೊಂಡ ನಿರ್ಧಾರ ಖಂಡಿಸಿ ಶಿರಾ ನಗರದಲ್ಲಿ ಅವರ ಅಭಿಮಾನಿಗಳು ಬೃಹತ್ ಪ್ರತಿಭಟನೆ ನಡೆಸಿದರು. ಪ್ರತಿಭಟನೆಯನ್ನುದ್ದೇಶಿಸಿ ಮಾತನಾಡಿದ ಮುಖಂಡರು, ಕೆ.ಎನ್.ರಾಜಣ್ಣ ಅವರು ಸಹಕಾರ ಕ್ಷೇತ್ರದಲ್ಲಿ ಹಾಗೂ ರಾಜಕೀಯ ಕ್ಷೇತ್ರದಲ್ಲಿ ಅಪಾರ ಸೇವೆ ಸಲ್ಲಿಸಿದ್ದಾರೆ. ಅವರನ್ನು ಸಚಿವ ಸ್ಥಾನದಿಂದ ವಜಾಗೊಳಿಸಿರುವುದು ಸರಿಯಲ್ಲ. ಡಿಸಿಸಿ ಬ್ಯಾಂಕ್ ಅಧ್ಯಕ್ಷರಾಗಿ ರೈತರಿಗೆ ಹಲವು ಸೌಲಭ್ಯ ಕಲ್ಪಿಸಿದ್ದಾರೆ. ಹೈಕಮಾಂಡ್ ತಕ್ಷಣ ನಿರ್ಧಾರ ಪುನರ್ ಪರಿಶೀಲಿಸಬೇಕು ಎಂದು ಆಗ್ರಹಿಸಿದರು. ಕೆ.ಎನ್.ರಾಜಣ್ಣ ಅವರು ಹಿಂದುಳಿದ ವರ್ಗಗಳ ಹಾಗೂ ದಲಿತರ ಪರವಾಗಿ ಧ್ವನಿ ಎತ್ತಿದವರು, ಅಂತಹ ನಾಯಕರಿಗೆ ಅನ್ಯಾಯ ಮಾಡಲಾಗಿದೆ ಎಂದು ಆರೋಪಿಸಿದರು. ಶಿರಾ ನಗರದ ಪ್ರಮುಖ ಬೀದಿಗಳಲ್ಲಿ ಮೆರವಣಿಗೆ ನಡೆಸಿದ ಅಭಿಮಾನಿಗಳು ತಾಲ್ಲೂಕು ಕಚೇರಿ ಮುಂದೆ ಜಮಾಯಿಸಿ ಘೋಷಣೆ ಕೂಗಿದರು.
